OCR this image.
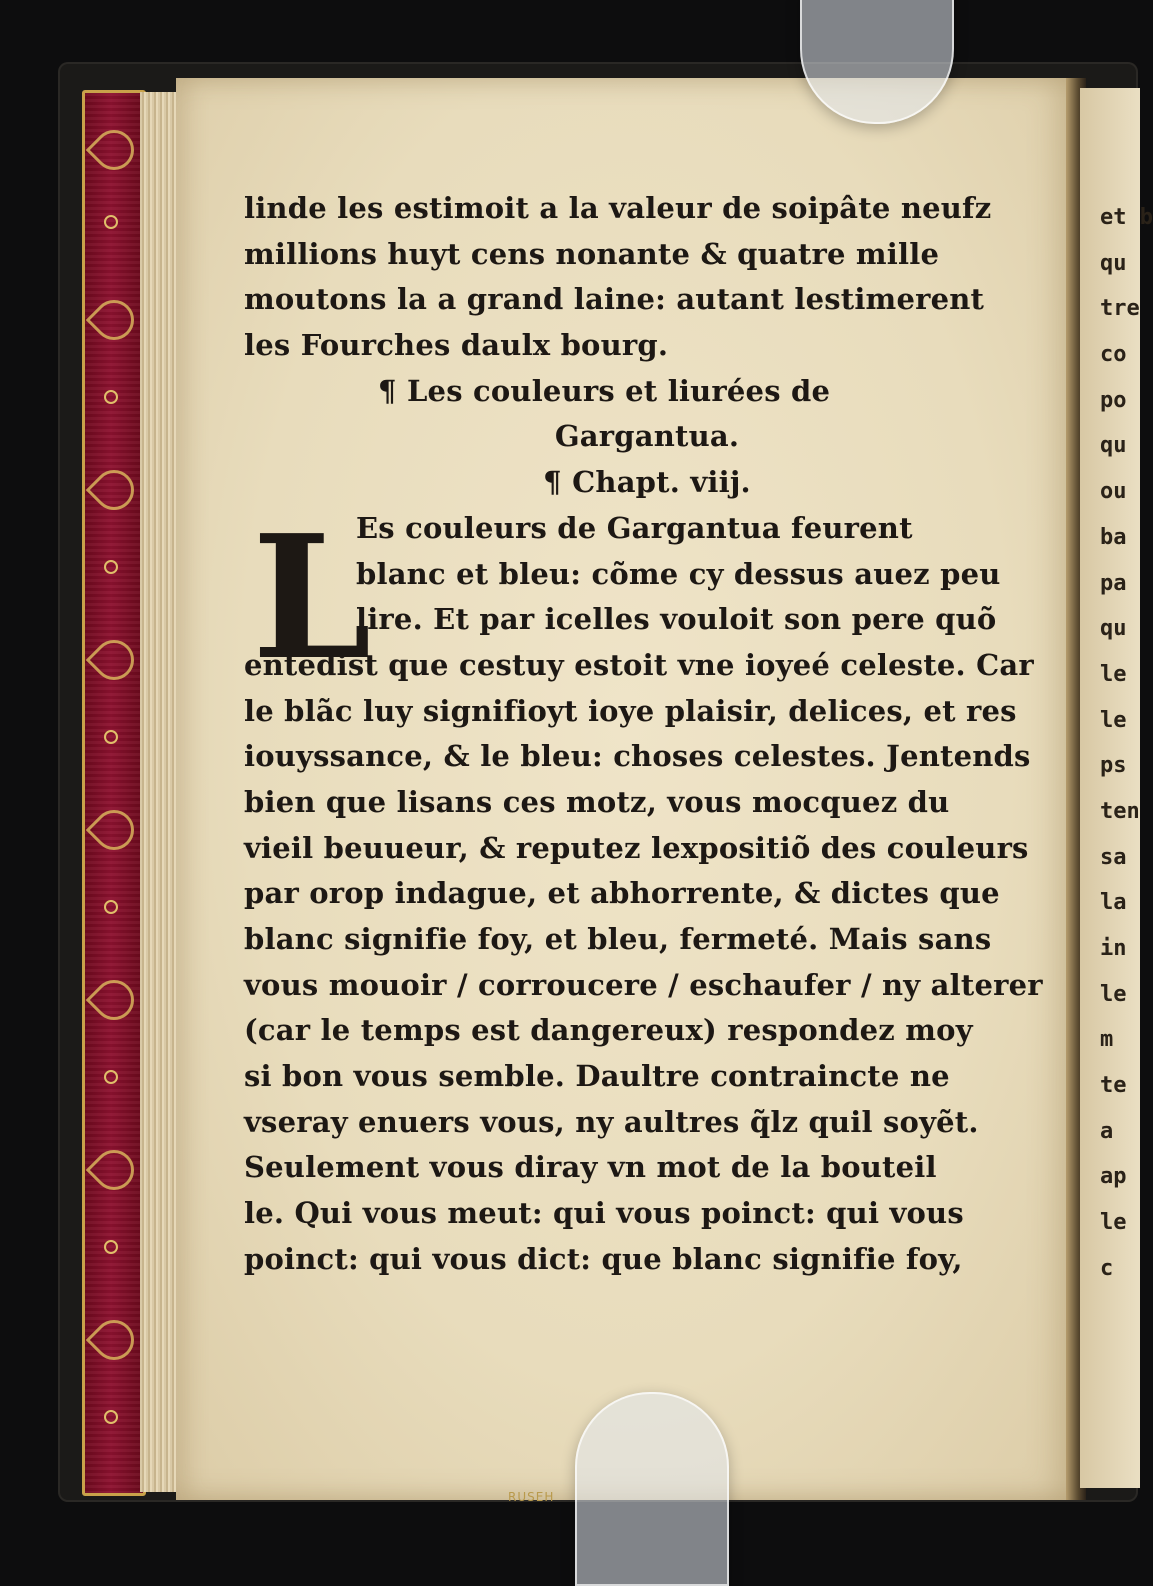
et b
qu
tre
co
po
qu
ou
ba
pa
qu
le
le
ps
ten
sa
la
in
le
m
te
a
ap
le
c
L
linde les estimoit a la valeur de soipâte neufz
millions huyt cens nonante & quatre mille
moutons la a grand laine: autant lestimerent
les Fourches daulx bourg.
¶ Les couleurs et liurées de
Gargantua.
¶ Chapt. viij.
Es couleurs de Gargantua feurent
blanc et bleu: cõme cy dessus auez peu
lire. Et par icelles vouloit son pere quõ
entẽdist que cestuy estoit vne ioyeé celeste. Car
le blãc luy signifioyt ioye plaisir, delices, et res
iouyssance, & le bleu: choses celestes. Jentends
bien que lisans ces motz, vous mocquez du
vieil beuueur, & reputez lexpositiõ des couleurs
par orop indague, et abhorrente, & dictes que
blanc signifie foy, et bleu, fermeté. Mais sans
vous mouoir / corroucere / eschaufer / ny alterer
(car le temps est dangereux) respondez moy
si bon vous semble. Daultre contraincte ne
vseray enuers vous, ny aultres q̃lz quil soyẽt.
Seulement vous diray vn mot de la bouteil
le. Qui vous meut: qui vous poinct: qui vous
poinct: qui vous dict: que blanc signifie foy,
RUSEH
